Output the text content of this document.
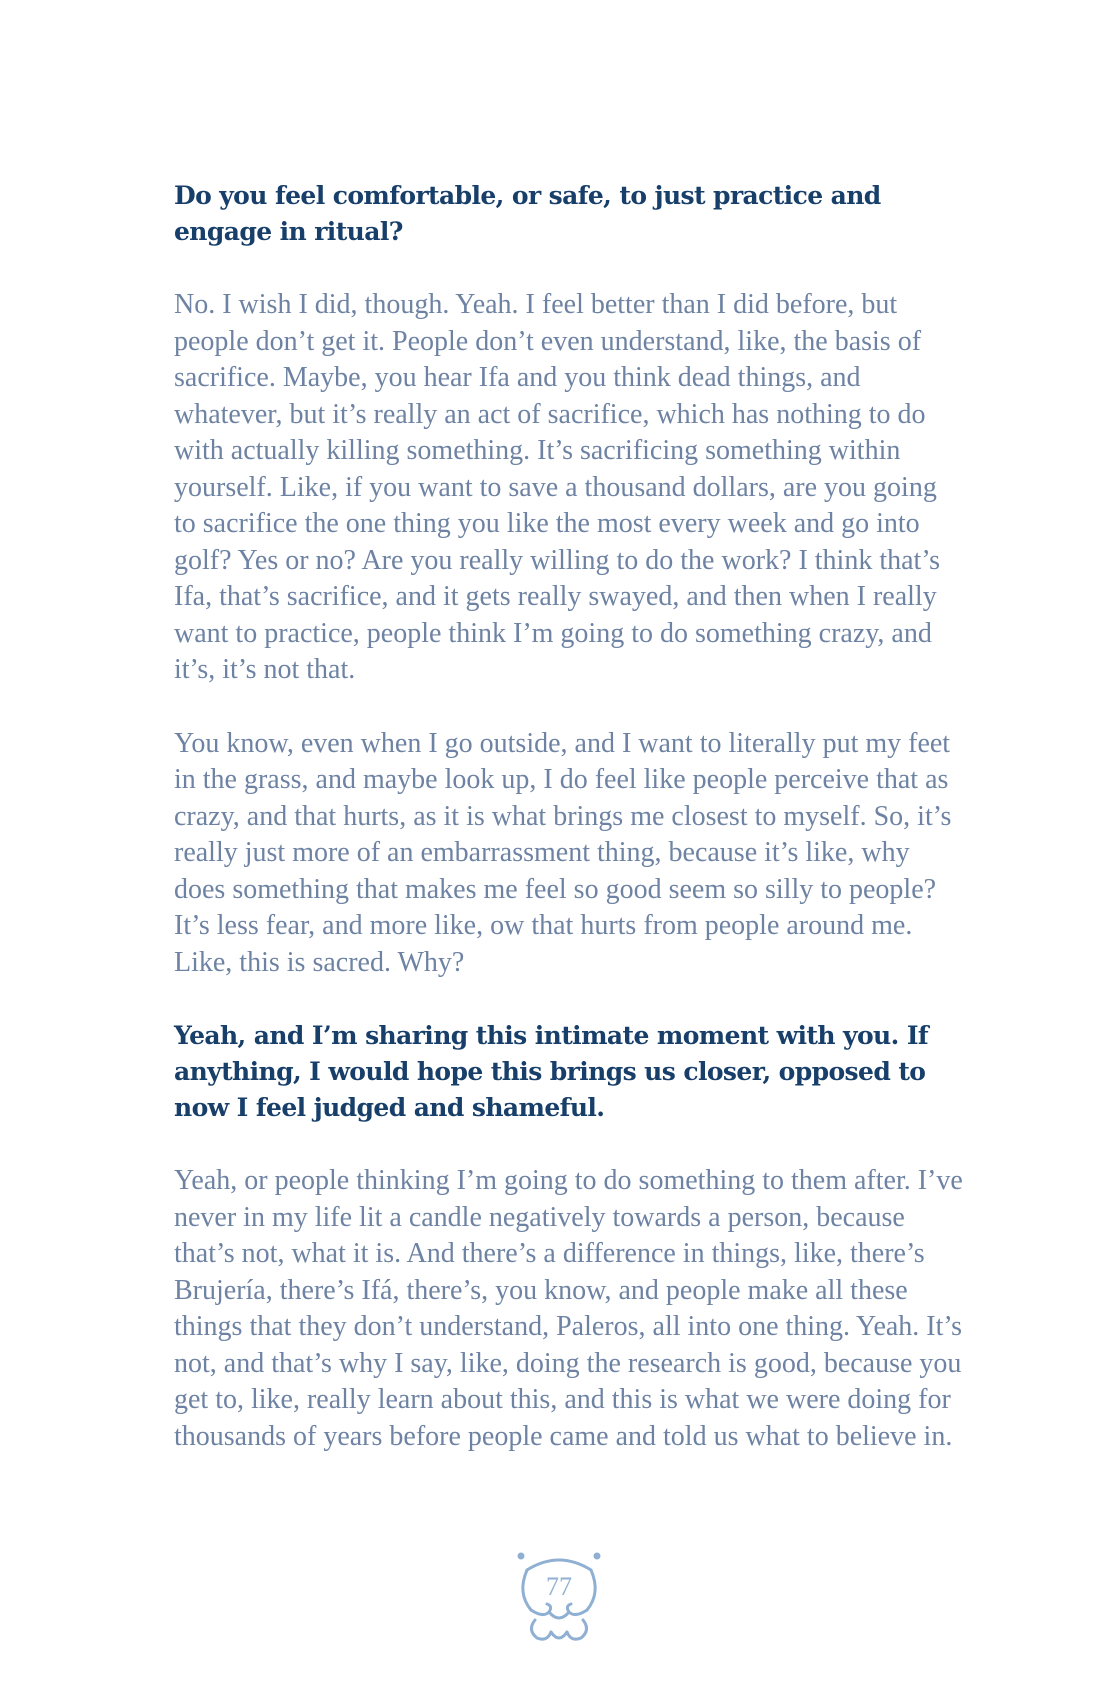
Do you feel comfortable, or safe, to just practice and engage in ritual?

No. I wish I did, though. Yeah. I feel better than I did before, but people don’t get it. People don’t even understand, like, the basis of sacrifice. Maybe, you hear Ifa and you think dead things, and whatever, but it’s really an act of sacrifice, which has nothing to do with actually killing something. It’s sacrificing something within yourself. Like, if you want to save a thousand dollars, are you going to sacrifice the one thing you like the most every week and go into golf? Yes or no? Are you really willing to do the work? I think that’s Ifa, that’s sacrifice, and it gets really swayed, and then when I really want to practice, people think I’m going to do something crazy, and it’s, it’s not that.

You know, even when I go outside, and I want to literally put my feet in the grass, and maybe look up, I do feel like people perceive that as crazy, and that hurts, as it is what brings me closest to myself. So, it’s really just more of an embarrassment thing, because it’s like, why does something that makes me feel so good seem so silly to people? It’s less fear, and more like, ow that hurts from people around me. Like, this is sacred. Why?

Yeah, and I’m sharing this intimate moment with you. If anything, I would hope this brings us closer, opposed to now I feel judged and shameful.

Yeah, or people thinking I’m going to do something to them after. I’ve never in my life lit a candle negatively towards a person, because that’s not, what it is. And there’s a difference in things, like, there’s Brujería, there’s Ifá, there’s, you know, and people make all these things that they don’t understand, Paleros, all into one thing. Yeah. It’s not, and that’s why I say, like, doing the research is good, because you get to, like, really learn about this, and this is what we were doing for thousands of years before people came and told us what to believe in.

77
